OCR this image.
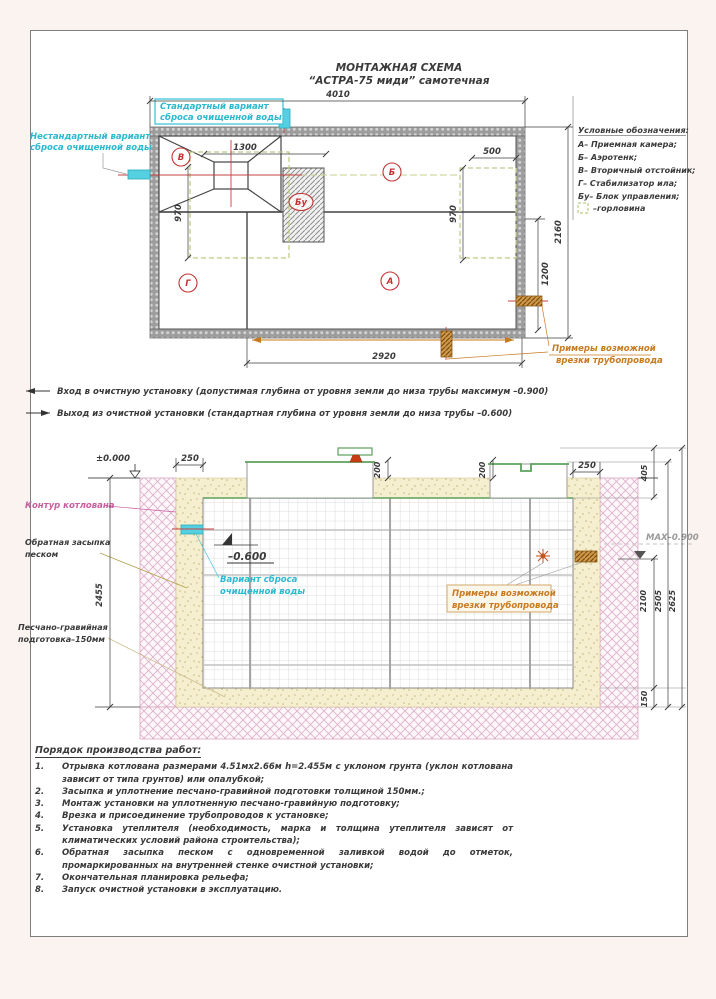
МОНТАЖНАЯ СХЕМА
“АСТРА-75 миди” самотечная
Стандартный вариант
сброса очищенной воды
Нестандартный вариант
сброса очищенной воды
4010
1300	500
970	970
1200
2160
2920
Примеры возможной
врезки трубопровода
В
Б
Бу
Г	А
Условные обозначения:
А– Приемная камера;
Б– Аэротенк;
В– Вторичный отстойник;
Г– Стабилизатор ила;
Бу– Блок управления;
–горловина
Вход в очистную установку (допустимая глубина от уровня земли до низа трубы максимум –0.900)
Выход из очистной установки (стандартная глубина от уровня земли до низа трубы –0.600)
±0.000
–0.600
MAX–0.900
Вариант сброса
очищенной воды	Примеры возможной
врезки трубопровода
Контур котлована
Обратная засыпка
песком
Песчано-гравийная
подготовка–150мм
250
250
200	200	405
2455	2100 2505 2625
150
Порядок производства работ:
1.	Отрывка котлована размерами 4.51мх2.66м h=2.455м с уклоном грунта (уклон котлована зависит от типа грунтов) или опалубкой;
2.	Засыпка и уплотнение песчано-гравийной подготовки толщиной 150мм.;
3.	Монтаж установки на уплотненную песчано-гравийную подготовку;
4.	Врезка и присоединение трубопроводов к установке;
5.	Установка утеплителя (необходимость, марка и толщина утеплителя зависят от климатических условий района строительства);
6.	Обратная засыпка песком с одновременной заливкой водой до отметок, промаркированных на внутренней стенке очистной установки;
7.	Окончательная планировка рельефа;
8.	Запуск очистной установки в эксплуатацию.
